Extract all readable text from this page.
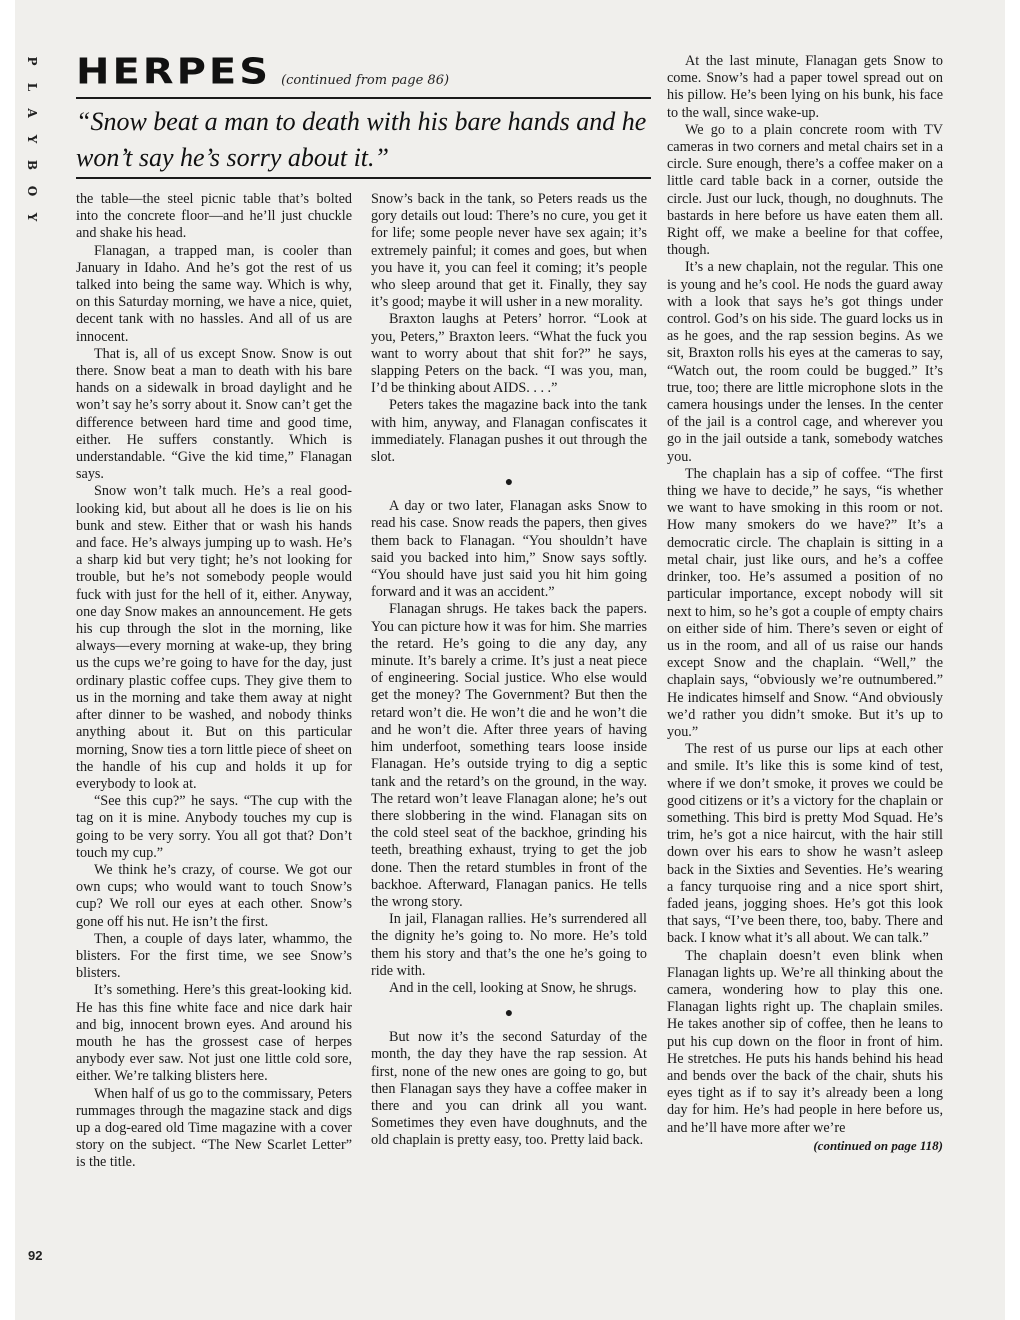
P
L
A
Y
B
O
Y
HERPES (continued from page 86)
“Snow beat a man to death with his bare hands and he won’t say he’s sorry about it.”

the table—the steel picnic table that’s bolted into the concrete floor—and he’ll just chuckle and shake his head.

Flanagan, a trapped man, is cooler than January in Idaho. And he’s got the rest of us talked into being the same way. Which is why, on this Saturday morning, we have a nice, quiet, decent tank with no hassles. And all of us are innocent.

That is, all of us except Snow. Snow is out there. Snow beat a man to death with his bare hands on a sidewalk in broad daylight and he won’t say he’s sorry about it. Snow can’t get the difference between hard time and good time, either. He suffers constantly. Which is understandable. “Give the kid time,” Flanagan says.

Snow won’t talk much. He’s a real good-looking kid, but about all he does is lie on his bunk and stew. Either that or wash his hands and face. He’s always jumping up to wash. He’s a sharp kid but very tight; he’s not looking for trouble, but he’s not somebody people would fuck with just for the hell of it, either. Anyway, one day Snow makes an announcement. He gets his cup through the slot in the morning, like always—every morning at wake-up, they bring us the cups we’re going to have for the day, just ordinary plastic coffee cups. They give them to us in the morning and take them away at night after dinner to be washed, and nobody thinks anything about it. But on this particular morning, Snow ties a torn little piece of sheet on the handle of his cup and holds it up for everybody to look at.

“See this cup?” he says. “The cup with the tag on it is mine. Anybody touches my cup is going to be very sorry. You all got that? Don’t touch my cup.”

We think he’s crazy, of course. We got our own cups; who would want to touch Snow’s cup? We roll our eyes at each other. Snow’s gone off his nut. He isn’t the first.

Then, a couple of days later, whammo, the blisters. For the first time, we see Snow’s blisters.

It’s something. Here’s this great-looking kid. He has this fine white face and nice dark hair and big, innocent brown eyes. And around his mouth he has the grossest case of herpes anybody ever saw. Not just one little cold sore, either. We’re talking blisters here.

When half of us go to the commissary, Peters rummages through the magazine stack and digs up a dog-eared old Time magazine with a cover story on the subject. “The New Scarlet Letter” is the title.

Snow’s back in the tank, so Peters reads us the gory details out loud: There’s no cure, you get it for life; some people never have sex again; it’s extremely painful; it comes and goes, but when you have it, you can feel it coming; it’s people who sleep around that get it. Finally, they say it’s good; maybe it will usher in a new morality.

Braxton laughs at Peters’ horror. “Look at you, Peters,” Braxton leers. “What the fuck you want to worry about that shit for?” he says, slapping Peters on the back. “I was you, man, I’d be thinking about AIDS. . . .”

Peters takes the magazine back into the tank with him, anyway, and Flanagan confiscates it immediately. Flanagan pushes it out through the slot.

●

A day or two later, Flanagan asks Snow to read his case. Snow reads the papers, then gives them back to Flanagan. “You shouldn’t have said you backed into him,” Snow says softly. “You should have just said you hit him going forward and it was an accident.”

Flanagan shrugs. He takes back the papers. You can picture how it was for him. She marries the retard. He’s going to die any day, any minute. It’s barely a crime. It’s just a neat piece of engineering. Social justice. Who else would get the money? The Government? But then the retard won’t die. He won’t die and he won’t die and he won’t die. After three years of having him underfoot, something tears loose inside Flanagan. He’s outside trying to dig a septic tank and the retard’s on the ground, in the way. The retard won’t leave Flanagan alone; he’s out there slobbering in the wind. Flanagan sits on the cold steel seat of the backhoe, grinding his teeth, breathing exhaust, trying to get the job done. Then the retard stumbles in front of the backhoe. Afterward, Flanagan panics. He tells the wrong story.

In jail, Flanagan rallies. He’s surrendered all the dignity he’s going to. No more. He’s told them his story and that’s the one he’s going to ride with.

And in the cell, looking at Snow, he shrugs.

●

But now it’s the second Saturday of the month, the day they have the rap session. At first, none of the new ones are going to go, but then Flanagan says they have a coffee maker in there and you can drink all you want. Sometimes they even have doughnuts, and the old chaplain is pretty easy, too. Pretty laid back.

At the last minute, Flanagan gets Snow to come. Snow’s had a paper towel spread out on his pillow. He’s been lying on his bunk, his face to the wall, since wake-up.

We go to a plain concrete room with TV cameras in two corners and metal chairs set in a circle. Sure enough, there’s a coffee maker on a little card table back in a corner, outside the circle. Just our luck, though, no doughnuts. The bastards in here before us have eaten them all. Right off, we make a beeline for that coffee, though.

It’s a new chaplain, not the regular. This one is young and he’s cool. He nods the guard away with a look that says he’s got things under control. God’s on his side. The guard locks us in as he goes, and the rap session begins. As we sit, Braxton rolls his eyes at the cameras to say, “Watch out, the room could be bugged.” It’s true, too; there are little microphone slots in the camera housings under the lenses. In the center of the jail is a control cage, and wherever you go in the jail outside a tank, somebody watches you.

The chaplain has a sip of coffee. “The first thing we have to decide,” he says, “is whether we want to have smoking in this room or not. How many smokers do we have?” It’s a democratic circle. The chaplain is sitting in a metal chair, just like ours, and he’s a coffee drinker, too. He’s assumed a position of no particular importance, except nobody will sit next to him, so he’s got a couple of empty chairs on either side of him. There’s seven or eight of us in the room, and all of us raise our hands except Snow and the chaplain. “Well,” the chaplain says, “obviously we’re outnumbered.” He indicates himself and Snow. “And obviously we’d rather you didn’t smoke. But it’s up to you.”

The rest of us purse our lips at each other and smile. It’s like this is some kind of test, where if we don’t smoke, it proves we could be good citizens or it’s a victory for the chaplain or something. This bird is pretty Mod Squad. He’s trim, he’s got a nice haircut, with the hair still down over his ears to show he wasn’t asleep back in the Sixties and Seventies. He’s wearing a fancy turquoise ring and a nice sport shirt, faded jeans, jogging shoes. He’s got this look that says, “I’ve been there, too, baby. There and back. I know what it’s all about. We can talk.”

The chaplain doesn’t even blink when Flanagan lights up. We’re all thinking about the camera, wondering how to play this one. Flanagan lights right up. The chaplain smiles. He takes another sip of coffee, then he leans to put his cup down on the floor in front of him. He stretches. He puts his hands behind his head and bends over the back of the chair, shuts his eyes tight as if to say it’s already been a long day for him. He’s had people in here before us, and he’ll have more after we’re

(continued on page 118)

92
